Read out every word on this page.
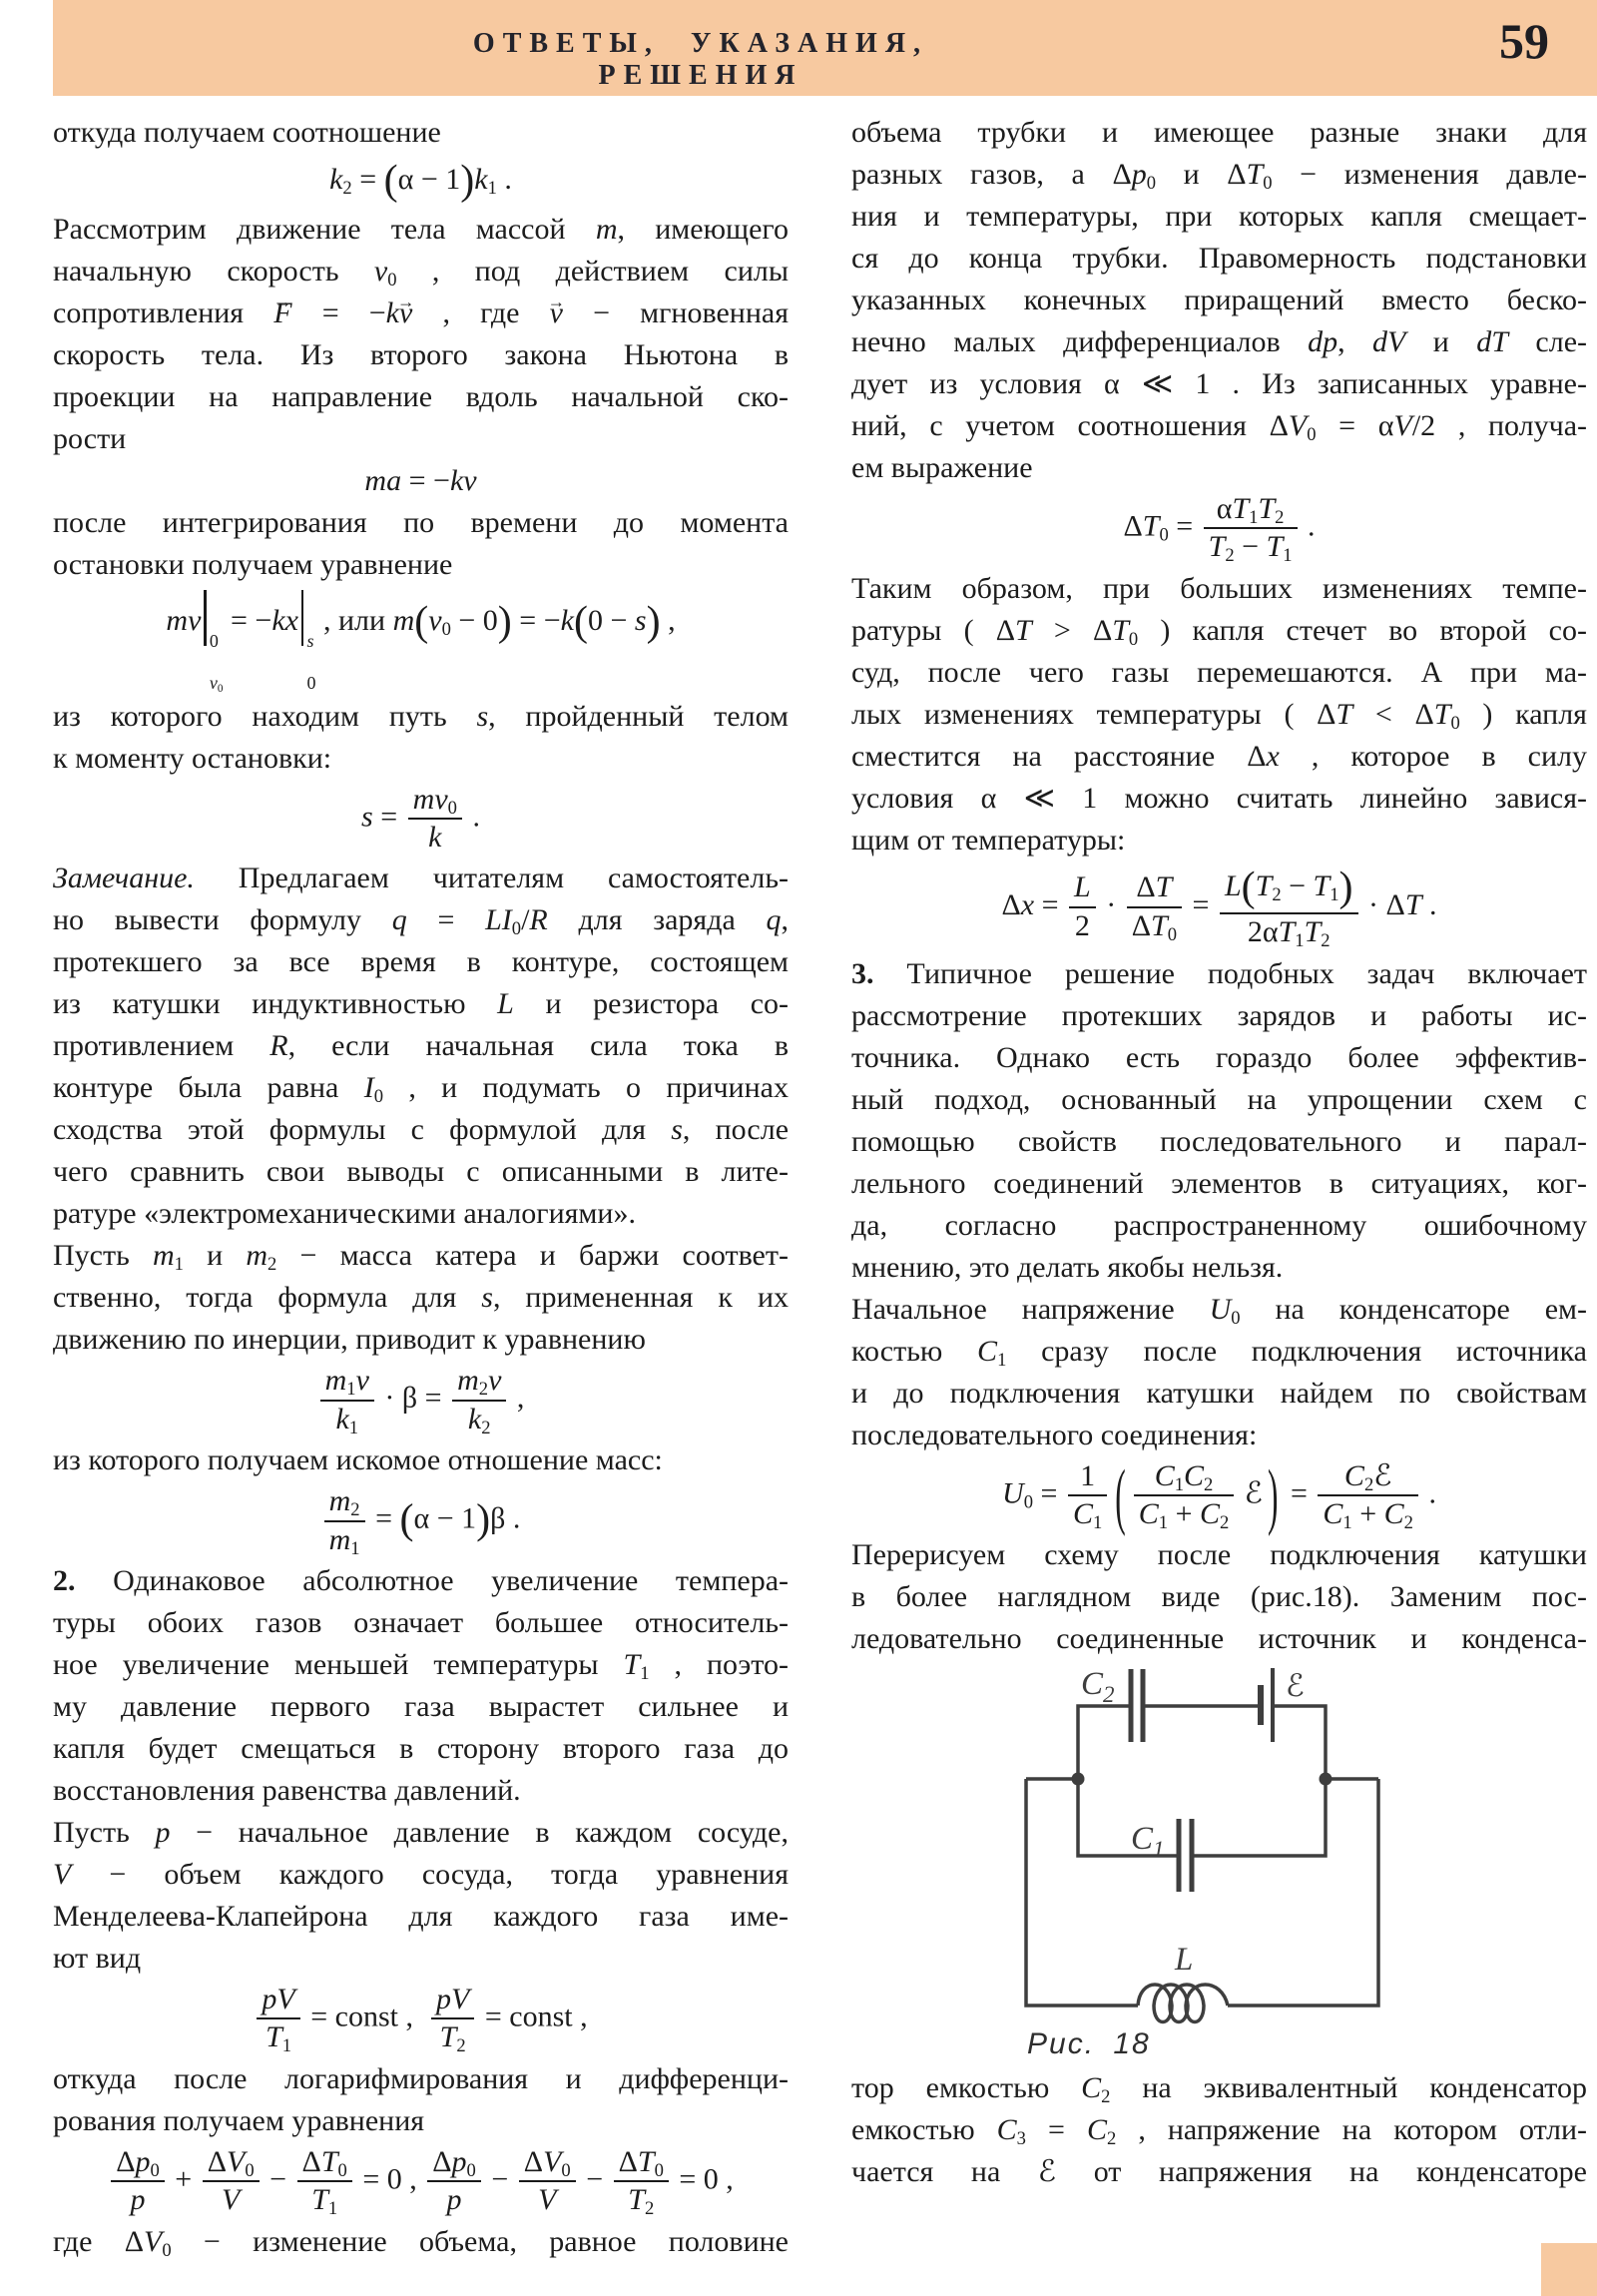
ОТВЕТЫ, УКАЗАНИЯ, РЕШЕНИЯ
59
откуда получаем соотношение
$k_2 = (\alpha - 1)k_1$ .
Рассмотрим движение тела массой m, имеющего
начальную скорость $v_0$ , под действием силы
сопротивления → F = −k→ v , где → v − мгновенная
скорость тела. Из второго закона Ньютона в
проекции на направление вдоль начальной ско-
рости
ma = −kv
после интегрирования по времени до момента
остановки получаем уравнение
mv
0
$v_0$
= −kx
s
0
, или $m(v_0 - 0) = -k(0 - s)$ ,
из которого находим путь s, пройденный телом
к моменту остановки:
$s = \frac{mv_0}{k}$ .
Замечание. Предлагаем читателям самостоятель-
но вывести формулу $q = LI_0/R$ для заряда q,
протекшего за все время в контуре, состоящем
из катушки индуктивностью L и резистора со-
противлением R, если начальная сила тока в
контуре была равна $I_0$ , и подумать о причинах
сходства этой формулы с формулой для s, после
чего сравнить свои выводы с описанными в лите-
ратуре «электромеханическими аналогиями».
Пусть $m_1$ и $m_2$ − масса катера и баржи соответ-
ственно, тогда формула для s, примененная к их
движению по инерции, приводит к уравнению
$\frac{m_1v}{k_1} \cdot \beta = \frac{m_2v}{k_2}$ ,
из которого получаем искомое отношение масс:
$\frac{m_2}{m_1} = (\alpha - 1)\beta$ .
2. Одинаковое абсолютное увеличение темпера-
туры обоих газов означает большее относитель-
ное увеличение меньшей температуры $T_1$ , поэто-
му давление первого газа вырастет сильнее и
капля будет смещаться в сторону второго газа до
восстановления равенства давлений.
Пусть p − начальное давление в каждом сосуде,
V − объем каждого сосуда, тогда уравнения
Менделеева-Клапейрона для каждого газа име-
ют вид
$\frac{pV}{T_1}$ = const , $\frac{pV}{T_2}$ = const ,
откуда после логарифмирования и дифференци-
рования получаем уравнения
$\frac{\Delta p_0}{p} + \frac{\Delta V_0}{V} - \frac{\Delta T_0}{T_1} = 0$ , $\frac{\Delta p_0}{p} - \frac{\Delta V_0}{V} - \frac{\Delta T_0}{T_2} = 0$ ,
где $\Delta V_0$ − изменение объема, равное половине
объема трубки и имеющее разные знаки для
разных газов, а $\Delta p_0$ и $\Delta T_0$ − изменения давле-
ния и температуры, при которых капля смещает-
ся до конца трубки. Правомерность подстановки
указанных конечных приращений вместо беско-
нечно малых дифференциалов dp, dV и dT сле-
дует из условия α ≪ 1 . Из записанных уравне-
ний, с учетом соотношения $\Delta V_0 = \alpha V/2$ , получа-
ем выражение
$\Delta T_0 = \frac{\alpha T_1T_2}{T_2 - T_1}$ .
Таким образом, при больших изменениях темпе-
ратуры ( $\Delta T > \Delta T_0$ ) капля стечет во второй со-
суд, после чего газы перемешаются. А при ма-
лых изменениях температуры ( $\Delta T < \Delta T_0$ ) капля
сместится на расстояние Δx , которое в силу
условия α ≪ 1 можно считать линейно завися-
щим от температуры:
$\Delta x = \frac{L}{2} \cdot \frac{\Delta T}{\Delta T_0} = \frac{L(T_2 - T_1)}{2\alpha T_1T_2} \cdot \Delta T$ .
3. Типичное решение подобных задач включает
рассмотрение протекших зарядов и работы ис-
точника. Однако есть гораздо более эффектив-
ный подход, основанный на упрощении схем с
помощью свойств последовательного и парал-
лельного соединений элементов в ситуациях, ког-
да, согласно распространенному ошибочному
мнению, это делать якобы нельзя.
Начальное напряжение $U_0$ на конденсаторе ем-
костью $C_1$ сразу после подключения источника
и до подключения катушки найдем по свойствам
последовательного соединения:
$U_0 = \frac{1}{C_1}$ ( $\frac{C_1C_2}{C_1 + C_2}$ ℰ ) =
$C_2ℰ$
$C_1 + C_2$
.
Перерисуем схему после подключения катушки
в более наглядном виде (рис.18). Заменим пос-
ледовательно соединенные источник и конденса-
$C_2$	ℰ
$C_1$
L
Рис. 18
тор емкостью $C_2$ на эквивалентный конденсатор
емкостью $C_3 = C_2$ , напряжение на котором отли-
чается на ℰ от напряжения на конденсаторе
